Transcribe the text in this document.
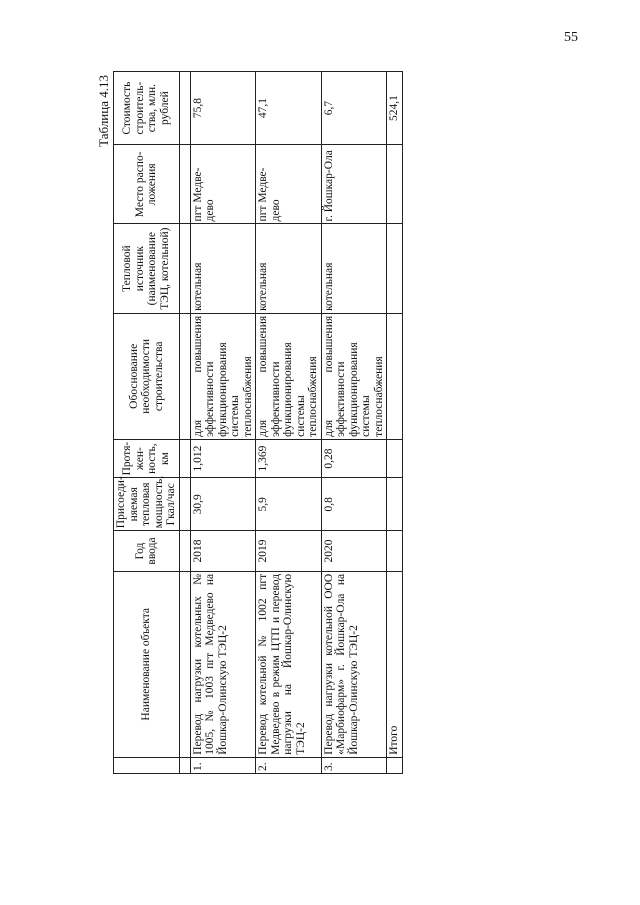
55
Таблица 4.13
	Наименование объекта	Год ввода	Присоеди-няемая тепловая мощность, Гкал/час	Протя-жен-ность, км	Обоснование необходимости строительства	Тепловой источник (наименование ТЭЦ, котельной)	Место распо-ложения	Стоимость строитель-ства, млн. рублей

1.	Перевод нагрузки котельных № 1005, № 1003 пгт Медведево на Йошкар-Олинскую ТЭЦ-2	2018	30,9	1,012	для повышения эффективности функционирования системы теплоснабжения	котельная	пгт Медве-дево	75,8
2.	Перевод котельной № 1002 пгт Медведево в режим ЦТП и перевод нагрузки на Йошкар-Олинскую ТЭЦ-2	2019	5,9	1,369	для повышения эффективности функционирования системы теплоснабжения	котельная	пгт Медве-дево	47,1
3.	Перевод нагрузки котельной ООО «Марбиофарм» г. Йошкар-Ола на Йошкар-Олинскую ТЭЦ-2	2020	0,8	0,28	для повышения эффективности функционирования системы теплоснабжения	котельная	г. Йошкар-Ола	6,7
	Итого							524,1
